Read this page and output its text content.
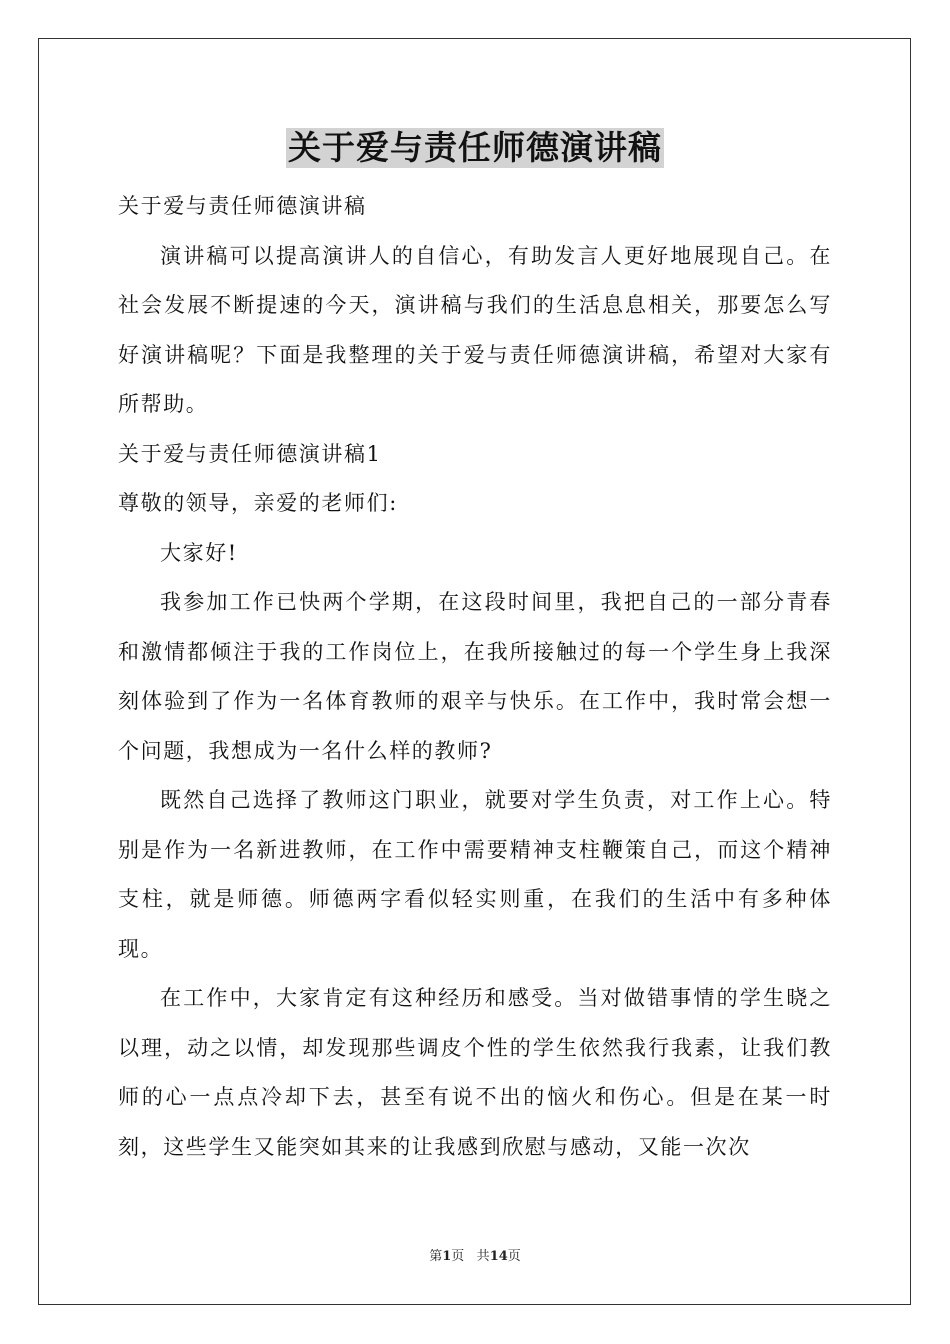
关于爱与责任师德演讲稿

关于爱与责任师德演讲稿

演讲稿可以提高演讲人的自信心，有助发言人更好地展现自己。在社会发展不断提速的今天，演讲稿与我们的生活息息相关，那要怎么写好演讲稿呢？下面是我整理的关于爱与责任师德演讲稿，希望对大家有所帮助。

关于爱与责任师德演讲稿1

尊敬的领导，亲爱的老师们:

大家好!

我参加工作已快两个学期，在这段时间里，我把自己的一部分青春和激情都倾注于我的工作岗位上，在我所接触过的每一个学生身上我深刻体验到了作为一名体育教师的艰辛与快乐。在工作中，我时常会想一个问题，我想成为一名什么样的教师?

既然自己选择了教师这门职业，就要对学生负责，对工作上心。特别是作为一名新进教师，在工作中需要精神支柱鞭策自己，而这个精神支柱，就是师德。师德两字看似轻实则重，在我们的生活中有多种体现。

在工作中，大家肯定有这种经历和感受。当对做错事情的学生晓之以理，动之以情，却发现那些调皮个性的学生依然我行我素，让我们教师的心一点点冷却下去，甚至有说不出的恼火和伤心。但是在某一时刻，这些学生又能突如其来的让我感到欣慰与感动，又能一次次

第1页 共14页
